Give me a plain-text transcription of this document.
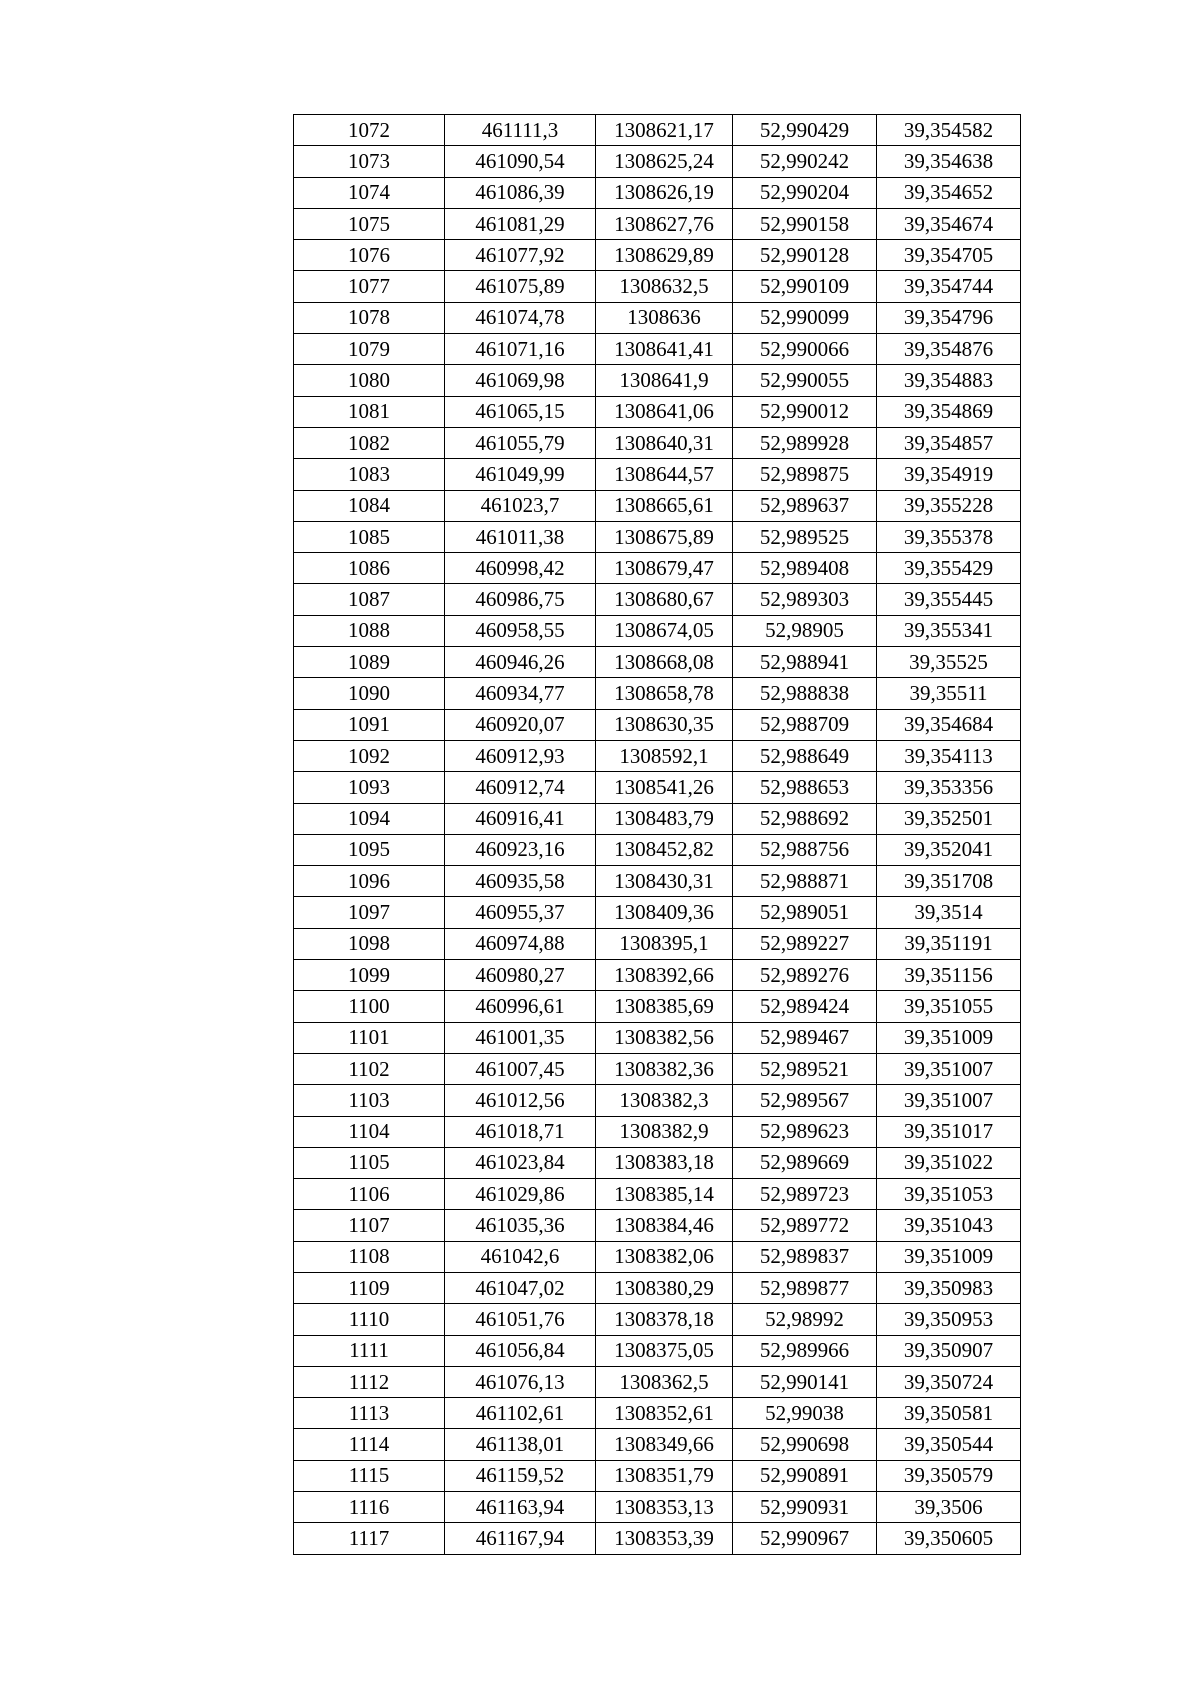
1072	461111,3	1308621,17	52,990429	39,354582
1073	461090,54	1308625,24	52,990242	39,354638
1074	461086,39	1308626,19	52,990204	39,354652
1075	461081,29	1308627,76	52,990158	39,354674
1076	461077,92	1308629,89	52,990128	39,354705
1077	461075,89	1308632,5	52,990109	39,354744
1078	461074,78	1308636	52,990099	39,354796
1079	461071,16	1308641,41	52,990066	39,354876
1080	461069,98	1308641,9	52,990055	39,354883
1081	461065,15	1308641,06	52,990012	39,354869
1082	461055,79	1308640,31	52,989928	39,354857
1083	461049,99	1308644,57	52,989875	39,354919
1084	461023,7	1308665,61	52,989637	39,355228
1085	461011,38	1308675,89	52,989525	39,355378
1086	460998,42	1308679,47	52,989408	39,355429
1087	460986,75	1308680,67	52,989303	39,355445
1088	460958,55	1308674,05	52,98905	39,355341
1089	460946,26	1308668,08	52,988941	39,35525
1090	460934,77	1308658,78	52,988838	39,35511
1091	460920,07	1308630,35	52,988709	39,354684
1092	460912,93	1308592,1	52,988649	39,354113
1093	460912,74	1308541,26	52,988653	39,353356
1094	460916,41	1308483,79	52,988692	39,352501
1095	460923,16	1308452,82	52,988756	39,352041
1096	460935,58	1308430,31	52,988871	39,351708
1097	460955,37	1308409,36	52,989051	39,3514
1098	460974,88	1308395,1	52,989227	39,351191
1099	460980,27	1308392,66	52,989276	39,351156
1100	460996,61	1308385,69	52,989424	39,351055
1101	461001,35	1308382,56	52,989467	39,351009
1102	461007,45	1308382,36	52,989521	39,351007
1103	461012,56	1308382,3	52,989567	39,351007
1104	461018,71	1308382,9	52,989623	39,351017
1105	461023,84	1308383,18	52,989669	39,351022
1106	461029,86	1308385,14	52,989723	39,351053
1107	461035,36	1308384,46	52,989772	39,351043
1108	461042,6	1308382,06	52,989837	39,351009
1109	461047,02	1308380,29	52,989877	39,350983
1110	461051,76	1308378,18	52,98992	39,350953
1111	461056,84	1308375,05	52,989966	39,350907
1112	461076,13	1308362,5	52,990141	39,350724
1113	461102,61	1308352,61	52,99038	39,350581
1114	461138,01	1308349,66	52,990698	39,350544
1115	461159,52	1308351,79	52,990891	39,350579
1116	461163,94	1308353,13	52,990931	39,3506
1117	461167,94	1308353,39	52,990967	39,350605
